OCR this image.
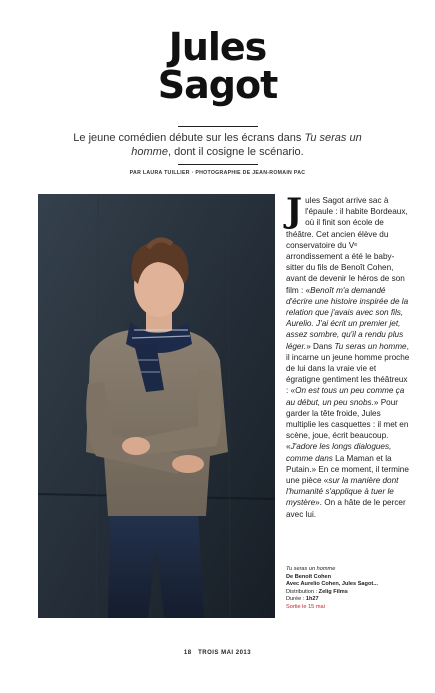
Jules
Sagot
Le jeune comédien débute sur les écrans dans Tu seras un homme, dont il cosigne le scénario.
PAR LAURA TUILLIER · PHOTOGRAPHIE DE JEAN-ROMAIN PAC
J ules Sagot arrive sac à l'épaule : il habite Bordeaux, où il finit son école de théâtre. Cet ancien élève du conservatoire du Vᵉ arrondissement a été le baby-sitter du fils de Benoît Cohen, avant de devenir le héros de son film : «Benoît m'a demandé d'écrire une histoire inspirée de la relation que j'avais avec son fils, Aurelio. J'ai écrit un premier jet, assez sombre, qu'il a rendu plus léger.» Dans Tu seras un homme, il incarne un jeune homme proche de lui dans la vraie vie et égratigne gentiment les théâtreux : «On est tous un peu comme ça au début, un peu snobs.» Pour garder la tête froide, Jules multiplie les casquettes : il met en scène, joue, écrit beaucoup. «J'adore les longs dialogues, comme dans La Maman et la Putain.» En ce moment, il termine une pièce «sur la manière dont l'humanité s'applique à tuer le mystère». On a hâte de le percer avec lui.

Tu seras un homme
De Benoît Cohen
Avec Aurelio Cohen, Jules Sagot...
Distribution : Zelig Films
Durée : 1h27
Sortie le 15 mai
18 TROIS MAI 2013
